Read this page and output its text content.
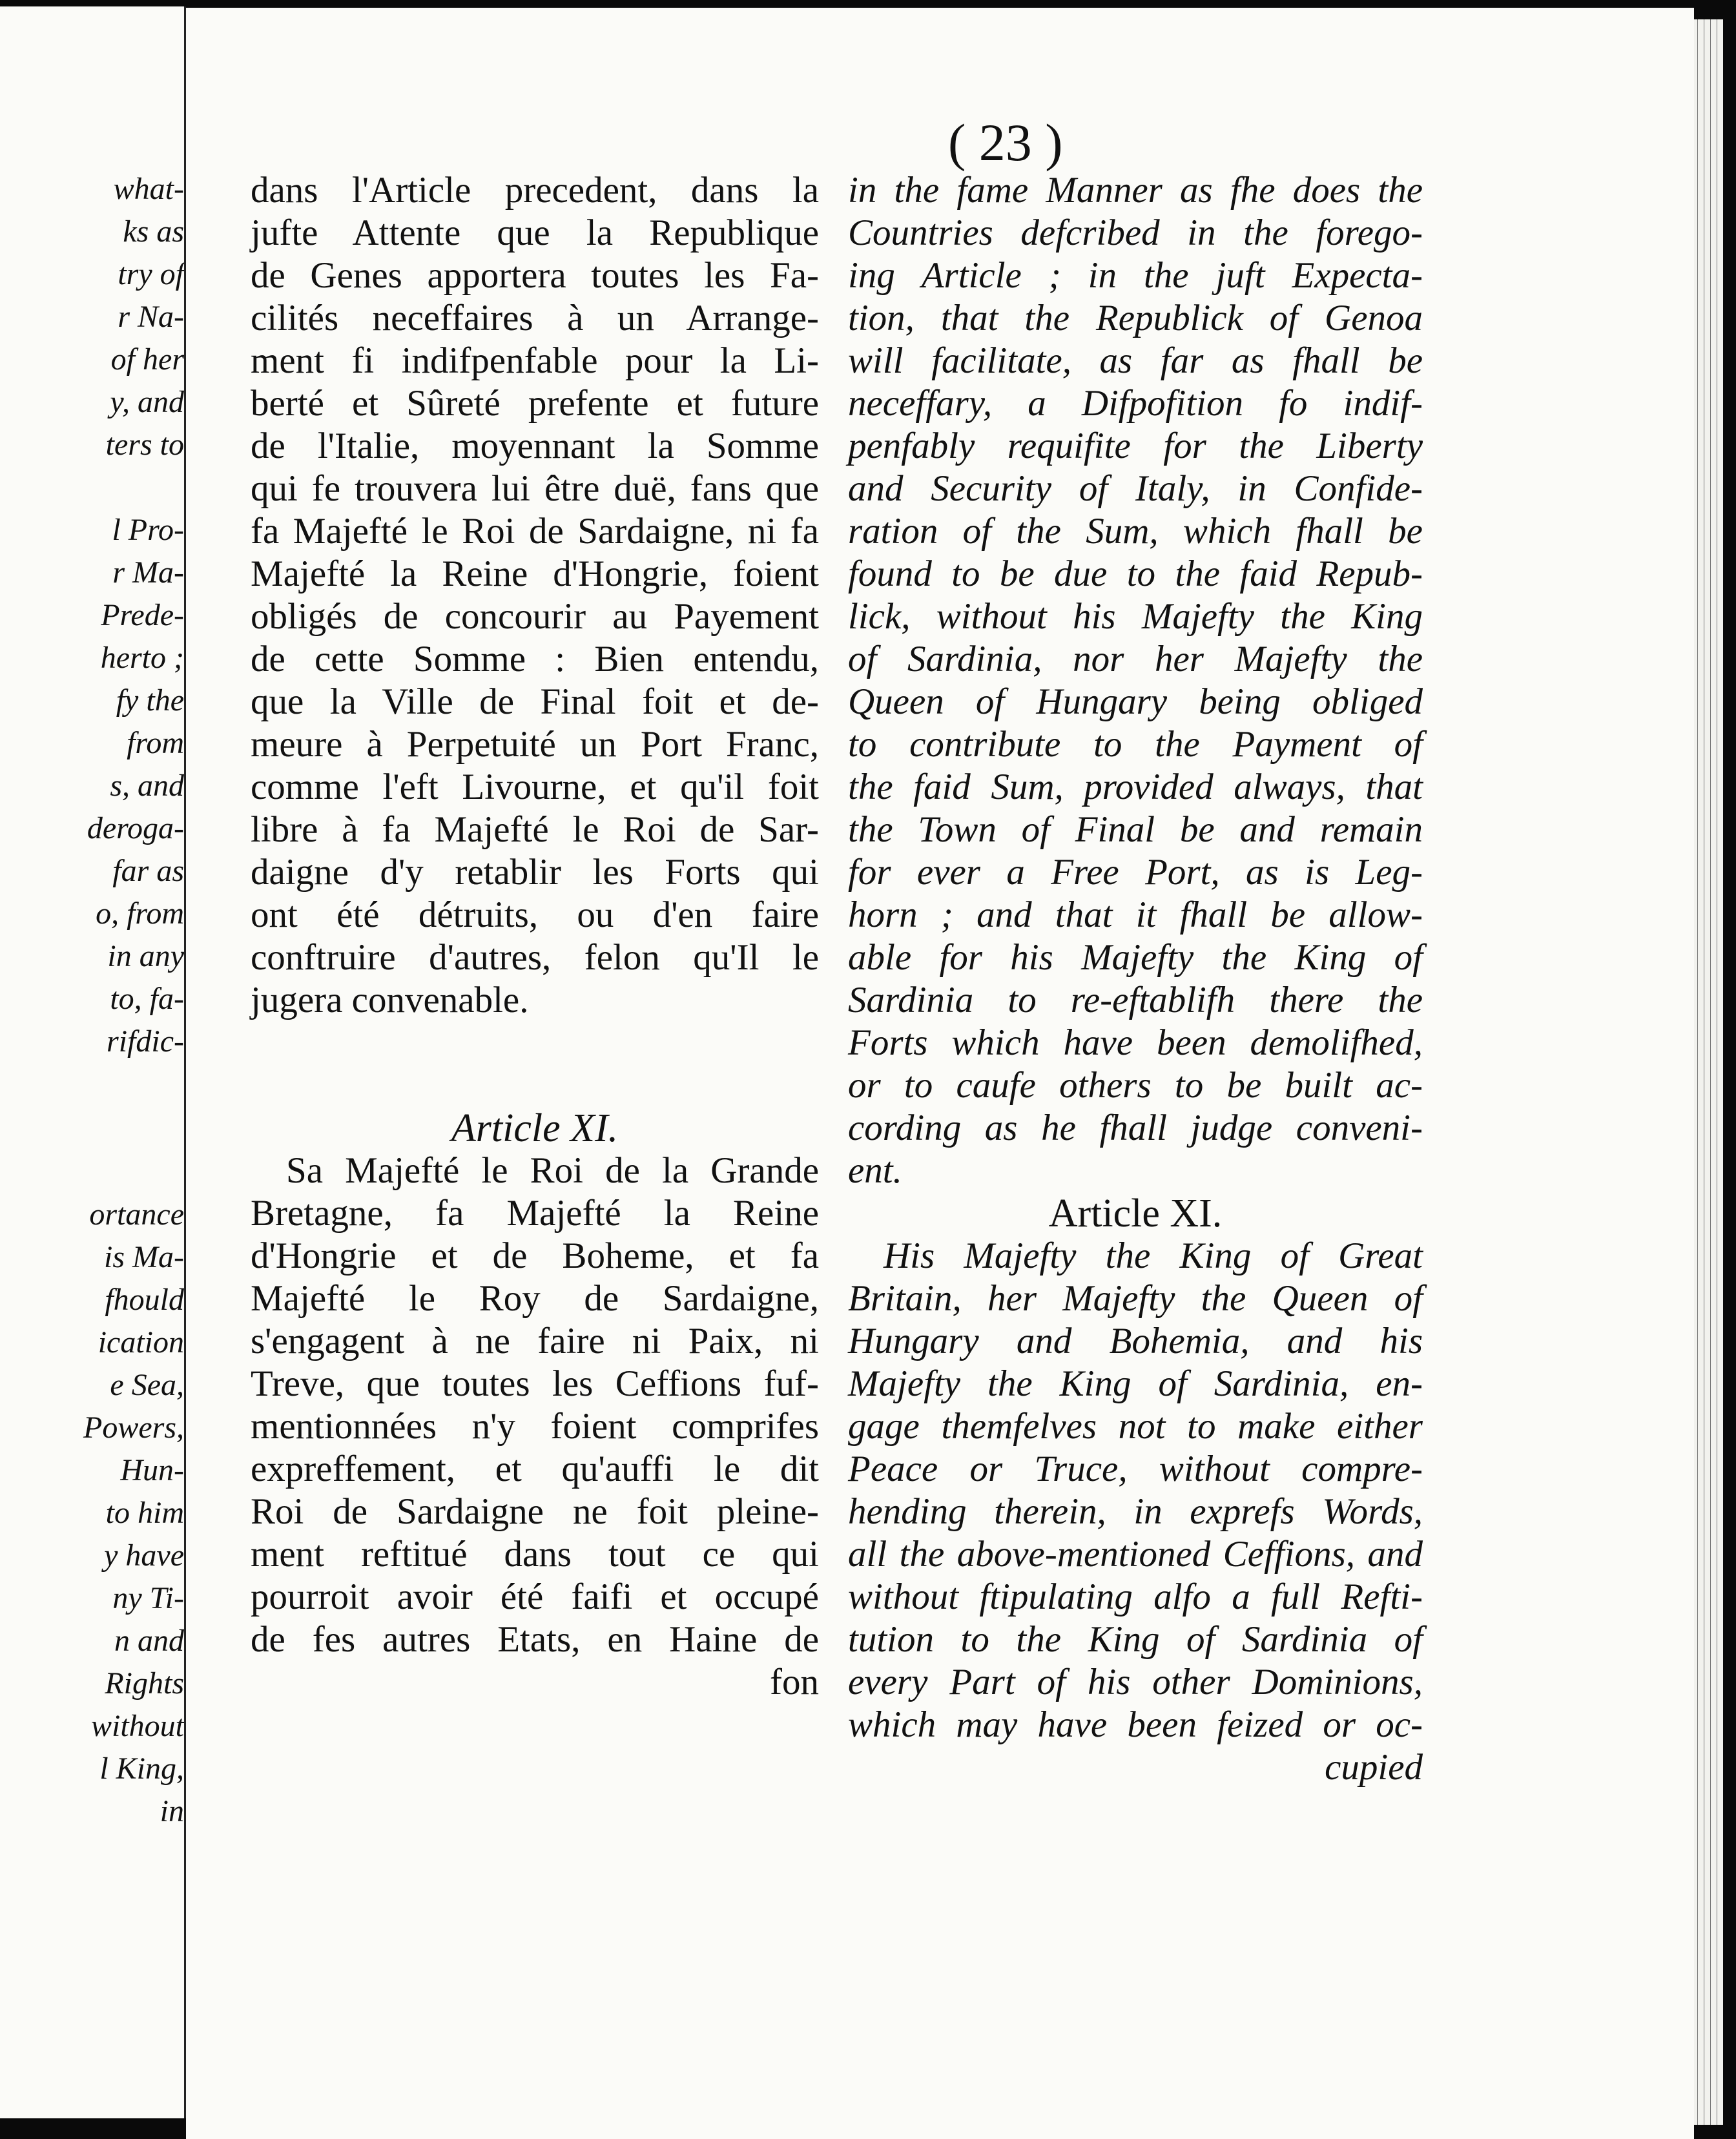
what-
ks as
try of
r Na-
of her
y, and
ters to
l Pro-
r Ma-
Prede-
herto ;
fy the
from
s, and
deroga-
far as
o, from
in any
to, fa-
rifdic-
ortance
is Ma-
fhould
ication
e Sea,
Powers,
Hun-
to him
y have
ny Ti-
n and
Rights
without
l King,
in
( 23 )
dans l'Article precedent, dans la
jufte Attente que la Republique
de Genes apportera toutes les Fa-
cilités neceffaires à un Arrange-
ment fi indifpenfable pour la Li-
berté et Sûreté prefente et future
de l'Italie, moyennant la Somme
qui fe trouvera lui être duë, fans que
fa Majefté le Roi de Sardaigne, ni fa
Majefté la Reine d'Hongrie, foient
obligés de concourir au Payement
de cette Somme : Bien entendu,
que la Ville de Final foit et de-
meure à Perpetuité un Port Franc,
comme l'eft Livourne, et qu'il foit
libre à fa Majefté le Roi de Sar-
daigne d'y retablir les Forts qui
ont été détruits, ou d'en faire
conftruire d'autres, felon qu'Il le
jugera convenable.
Article XI.
Sa Majefté le Roi de la Grande
Bretagne, fa Majefté la Reine
d'Hongrie et de Boheme, et fa
Majefté le Roy de Sardaigne,
s'engagent à ne faire ni Paix, ni
Treve, que toutes les Ceffions fuf-
mentionnées n'y foient comprifes
expreffement, et qu'auffi le dit
Roi de Sardaigne ne foit pleine-
ment reftitué dans tout ce qui
pourroit avoir été faifi et occupé
de fes autres Etats, en Haine de
fon
in the fame Manner as fhe does the
Countries defcribed in the forego-
ing Article ; in the juft Expecta-
tion, that the Republick of Genoa
will facilitate, as far as fhall be
neceffary, a Difpofition fo indif-
penfably requifite for the Liberty
and Security of Italy, in Confide-
ration of the Sum, which fhall be
found to be due to the faid Repub-
lick, without his Majefty the King
of Sardinia, nor her Majefty the
Queen of Hungary being obliged
to contribute to the Payment of
the faid Sum, provided always, that
the Town of Final be and remain
for ever a Free Port, as is Leg-
horn ; and that it fhall be allow-
able for his Majefty the King of
Sardinia to re-eftablifh there the
Forts which have been demolifhed,
or to caufe others to be built ac-
cording as he fhall judge conveni-
ent.
Article XI.
His Majefty the King of Great
Britain, her Majefty the Queen of
Hungary and Bohemia, and his
Majefty the King of Sardinia, en-
gage themfelves not to make either
Peace or Truce, without compre-
hending therein, in exprefs Words,
all the above-mentioned Ceffions, and
without ftipulating alfo a full Refti-
tution to the King of Sardinia of
every Part of his other Dominions,
which may have been feized or oc-
cupied
